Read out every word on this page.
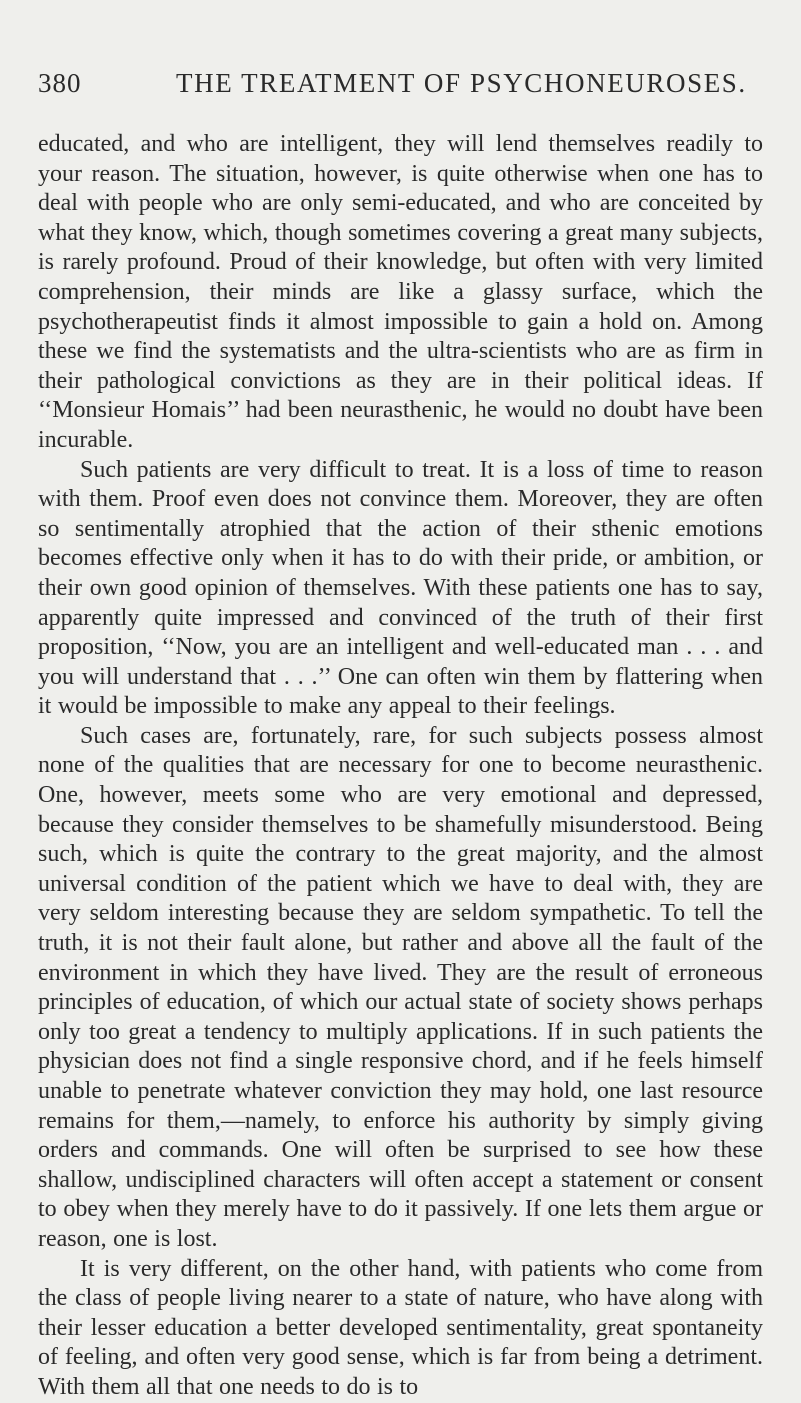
380	THE TREATMENT OF PSYCHONEUROSES.

educated, and who are intelligent, they will lend themselves readily to your reason. The situation, however, is quite otherwise when one has to deal with people who are only semi-educated, and who are conceited by what they know, which, though sometimes covering a great many subjects, is rarely profound. Proud of their knowledge, but often with very limited comprehension, their minds are like a glassy surface, which the psychotherapeutist finds it almost impossible to gain a hold on. Among these we find the systematists and the ultra-scientists who are as firm in their pathological convictions as they are in their political ideas. If ‘‘Monsieur Homais’’ had been neurasthenic, he would no doubt have been incurable.

Such patients are very difficult to treat. It is a loss of time to reason with them. Proof even does not convince them. Moreover, they are often so sentimentally atrophied that the action of their sthenic emotions becomes effective only when it has to do with their pride, or ambition, or their own good opinion of themselves. With these patients one has to say, apparently quite impressed and convinced of the truth of their first proposition, ‘‘Now, you are an intelligent and well-educated man . . . and you will understand that . . .’’ One can often win them by flattering when it would be impossible to make any appeal to their feelings.

Such cases are, fortunately, rare, for such subjects possess almost none of the qualities that are necessary for one to become neurasthenic. One, however, meets some who are very emotional and depressed, because they consider themselves to be shamefully misunderstood. Being such, which is quite the contrary to the great majority, and the almost universal condition of the patient which we have to deal with, they are very seldom interesting because they are seldom sympathetic. To tell the truth, it is not their fault alone, but rather and above all the fault of the environment in which they have lived. They are the result of erroneous principles of education, of which our actual state of society shows perhaps only too great a tendency to multiply applications. If in such patients the physician does not find a single responsive chord, and if he feels himself unable to penetrate whatever conviction they may hold, one last resource remains for them,—namely, to enforce his authority by simply giving orders and commands. One will often be surprised to see how these shallow, undisciplined characters will often accept a statement or consent to obey when they merely have to do it passively. If one lets them argue or reason, one is lost.

It is very different, on the other hand, with patients who come from the class of people living nearer to a state of nature, who have along with their lesser education a better developed sentimentality, great spontaneity of feeling, and often very good sense, which is far from being a detriment. With them all that one needs to do is to
